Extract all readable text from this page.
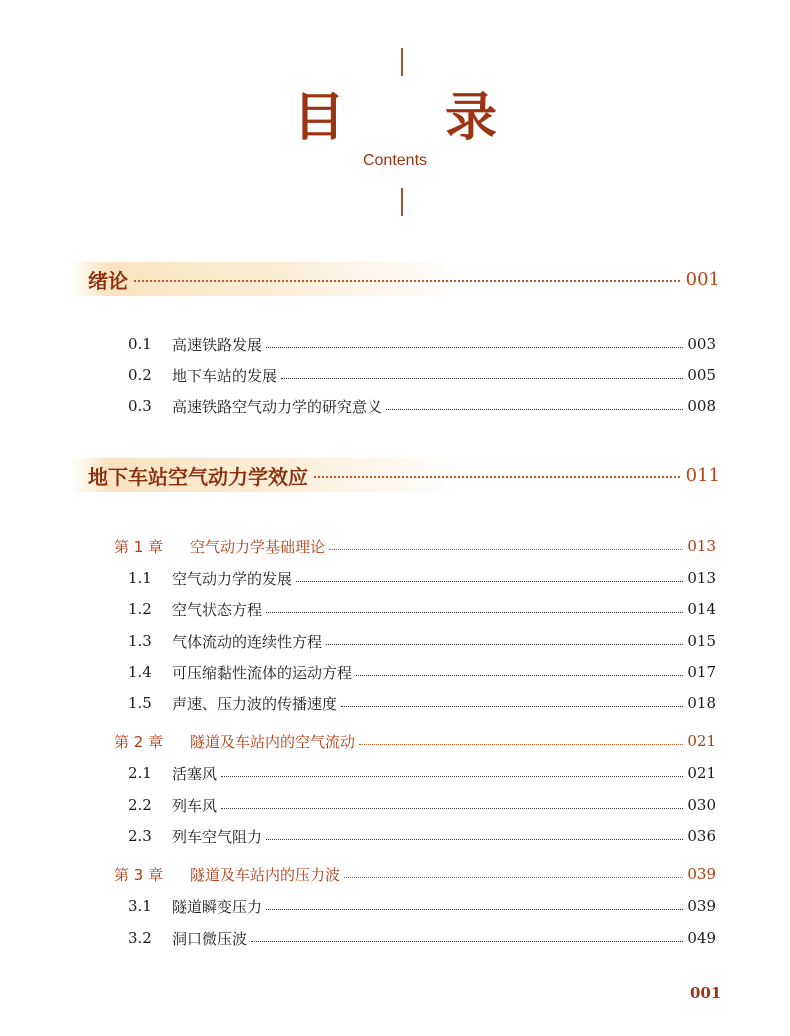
目录
Contents
绪论	001
0.1	高速铁路发展	003
0.2	地下车站的发展	005
0.3	高速铁路空气动力学的研究意义	008
地下车站空气动力学效应	011
第 1 章	空气动力学基础理论	013
1.1	空气动力学的发展	013
1.2	空气状态方程	014
1.3	气体流动的连续性方程	015
1.4	可压缩黏性流体的运动方程	017
1.5	声速、压力波的传播速度	018
第 2 章	隧道及车站内的空气流动	021
2.1	活塞风	021
2.2	列车风	030
2.3	列车空气阻力	036
第 3 章	隧道及车站内的压力波	039
3.1	隧道瞬变压力	039
3.2	洞口微压波	049
001
